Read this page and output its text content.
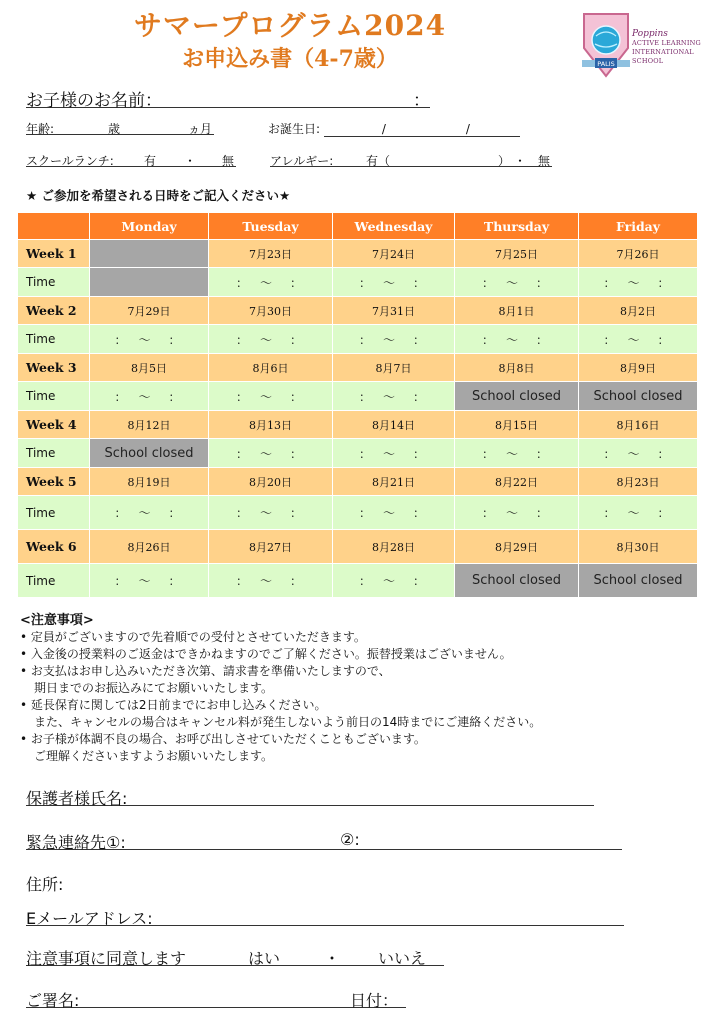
サマープログラム2024
お申込み書（4-7歳）	PALIS
Poppins
ACTIVE LEARNING
INTERNATIONAL SCHOOL
お子様のお名前：	：
年齢:	歳	ヵ月	お誕生日:	/	/
スクールランチ:	有 ・ 無	アレルギー:	有（	） ・ 無
★ ご参加を希望される日時をご記入ください★
	Monday	Tuesday	Wednesday	Thursday	Friday
Week 1		7月23日	7月24日	7月25日	7月26日
Time		：　〜　：	：　〜　：	：　〜　：	：　〜　：
Week 2	7月29日	7月30日	7月31日	8月1日	8月2日
Time	：　〜　：	：　〜　：	：　〜　：	：　〜　：	：　〜　：
Week 3	8月5日	8月6日	8月7日	8月8日	8月9日
Time	：　〜　：	：　〜　：	：　〜　：	School closed	School closed
Week 4	8月12日	8月13日	8月14日	8月15日	8月16日
Time	School closed	：　〜　：	：　〜　：	：　〜　：	：　〜　：
Week 5	8月19日	8月20日	8月21日	8月22日	8月23日
Time	：　〜　：	：　〜　：	：　〜　：	：　〜　：	：　〜　：
Week 6	8月26日	8月27日	8月28日	8月29日	8月30日
Time	：　〜　：	：　〜　：	：　〜　：	School closed	School closed
<注意事項>
• 定員がございますので先着順での受付とさせていただきます。
• 入金後の授業料のご返金はできかねますのでご了解ください。振替授業はございません。
• お支払はお申し込みいただき次第、請求書を準備いたしますので、
期日までのお振込みにてお願いいたします。
• 延長保育に関しては2日前までにお申し込みください。
また、キャンセルの場合はキャンセル料が発生しないよう前日の14時までにご連絡ください。
• お子様が体調不良の場合、お呼び出しさせていただくこともございます。
ご理解くださいますようお願いいたします。
保護者様氏名:
緊急連絡先①:	②:
住所:
Eメールアドレス:
注意事項に同意します	はい	・ いいえ
ご署名:	日付：
